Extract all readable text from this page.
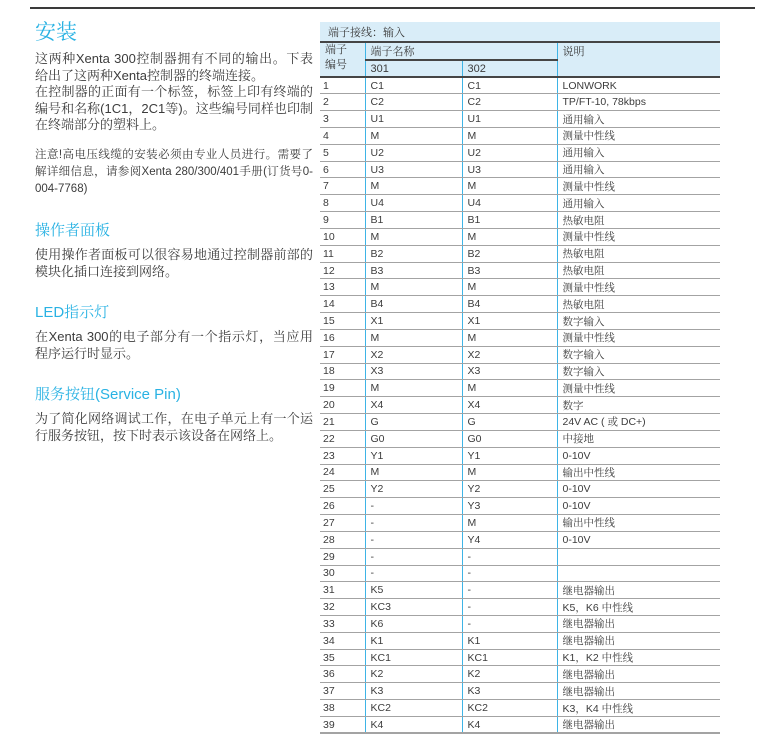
安装

这两种Xenta 300控制器拥有不同的输出。下表给出了这两种Xenta控制器的终端连接。

在控制器的正面有一个标签，标签上印有终端的编号和名称(1C1，2C1等)。这些编号同样也印制在终端部分的塑料上。

注意!高电压线缆的安装必须由专业人员进行。需要了解详细信息，请参阅Xenta 280/300/401手册(订货号0-004-7768)

操作者面板

使用操作者面板可以很容易地通过控制器前部的模块化插口连接到网络。

LED指示灯

在Xenta 300的电子部分有一个指示灯，当应用程序运行时显示。

服务按钮(Service Pin)

为了简化网络调试工作，在电子单元上有一个运行服务按钮，按下时表示该设备在网络上。

端子接线：输入			
端子
编号	端子名称		说明
	301	302	
1	C1	C1	LONWORK
2	C2	C2	TP/FT-10, 78kbps
3	U1	U1	通用输入
4	M	M	测量中性线
5	U2	U2	通用输入
6	U3	U3	通用输入
7	M	M	测量中性线
8	U4	U4	通用输入
9	B1	B1	热敏电阻
10	M	M	测量中性线
11	B2	B2	热敏电阻
12	B3	B3	热敏电阻
13	M	M	测量中性线
14	B4	B4	热敏电阻
15	X1	X1	数字输入
16	M	M	测量中性线
17	X2	X2	数字输入
18	X3	X3	数字输入
19	M	M	测量中性线
20	X4	X4	数字
21	G	G	24V AC ( 或 DC+)
22	G0	G0	中接地
23	Y1	Y1	0-10V
24	M	M	输出中性线
25	Y2	Y2	0-10V
26	-	Y3	0-10V
27	-	M	输出中性线
28	-	Y4	0-10V
29	-	-	
30	-	-	
31	K5	-	继电器输出
32	KC3	-	K5，K6 中性线
33	K6	-	继电器输出
34	K1	K1	继电器输出
35	KC1	KC1	K1，K2 中性线
36	K2	K2	继电器输出
37	K3	K3	继电器输出
38	KC2	KC2	K3，K4 中性线
39	K4	K4	继电器输出
